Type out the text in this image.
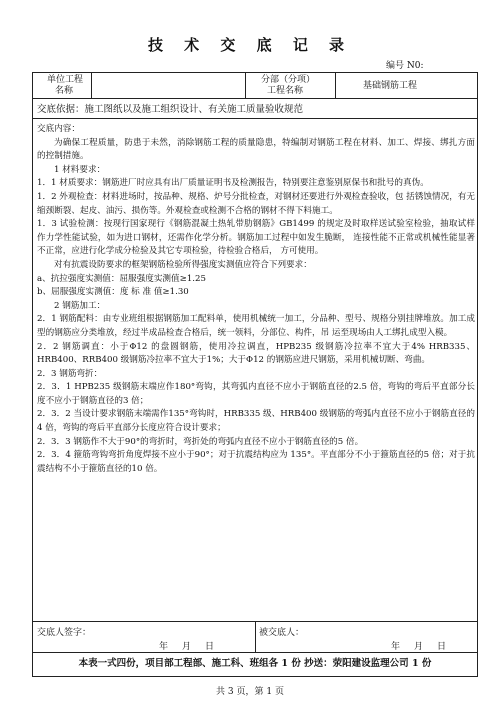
技 术 交 底 记 录
编号 N0:
单位工程
名称
分部（分项）
工程名称	基础钢筋工程
交底依据：施工图纸以及施工组织设计、有关施工质量验收规范

交底内容：

为确保工程质量，防患于未然，消除钢筋工程的质量隐患，特编制对钢筋工程在材料、加工、焊接、绑扎方面的控制措施。

1 材料要求：

1．1 材质要求：钢筋进厂时应具有出厂质量证明书及检测报告，特别要注意鉴别原保书和批号的真伪。

1．2 外观检查：材料进场时，按品种、规格、炉号分批检查，对钢材还要进行外观检查验收，包 括锈蚀情况，有无缩颈断裂、起皮、油污、损伤等。外观检查或检测不合格的钢材不得下料施工。

1．3 试验检测：按现行国家现行《钢筋混凝土热轧带肋钢筋》GB1499 的规定及时取样送试验室检验，抽取试样作力学性能试验，如为进口钢材，还需作化学分析。钢筋加工过程中如发生脆断， 连接性能不正常或机械性能显著不正常，应进行化学成分检验及其它专项检验，待检验合格后， 方可使用。

对有抗震设防要求的框架钢筋检验所得强度实测值应符合下列要求：

a、抗拉强度实测值：屈服强度实测值≥1.25

b、屈服强度实测值：度 标 准 值≥1.30

2 钢筋加工：

2．1 钢筋配料：由专业班组根据钢筋加工配料单，使用机械统一加工，分品种、型号、规格分别挂牌堆放。加工成型的钢筋应分类堆放，经过半成品检查合格后，统一领料，分部位、构件，吊 运至现场由人工绑扎成型入模。

2．2 钢筋调直：小于Φ12 的盘圆钢筋，使用冷拉调直，HPB235 级钢筋冷拉率不宜大于4% HRB335、HRB400、RRB400 级钢筋冷拉率不宜大于1%；大于Φ12 的钢筋应进尺钢筋，采用机械切断、弯曲。

2．3 钢筋弯折：

2．3．1 HPB235 级钢筋末端应作180°弯钩，其弯弧内直径不应小于钢筋直径的2.5 倍，弯钩的弯后平直部分长度不应小于钢筋直径的3 倍；

2．3．2 当设计要求钢筋末端需作135°弯钩时，HRB335 级、HRB400 级钢筋的弯弧内直径不应小于钢筋直径的4 倍，弯钩的弯后平直部分长度应符合设计要求；

2．3．3 钢筋作不大于90°的弯折时，弯折处的弯弧内直径不应小于钢筋直径的5 倍。

2．3．4 箍筋弯钩弯折角度焊接不应小于90°；对于抗震结构应为 135°。平直部分不小于箍筋直径的5 倍；对于抗震结构不小于箍筋直径的10 倍。

交底人签字：
年月日
被交底人：
年月日
本表一式四份，项目部工程部、施工科、班组各 1 份 抄送：荥阳建设监理公司 1 份
共 3 页，第 1 页
